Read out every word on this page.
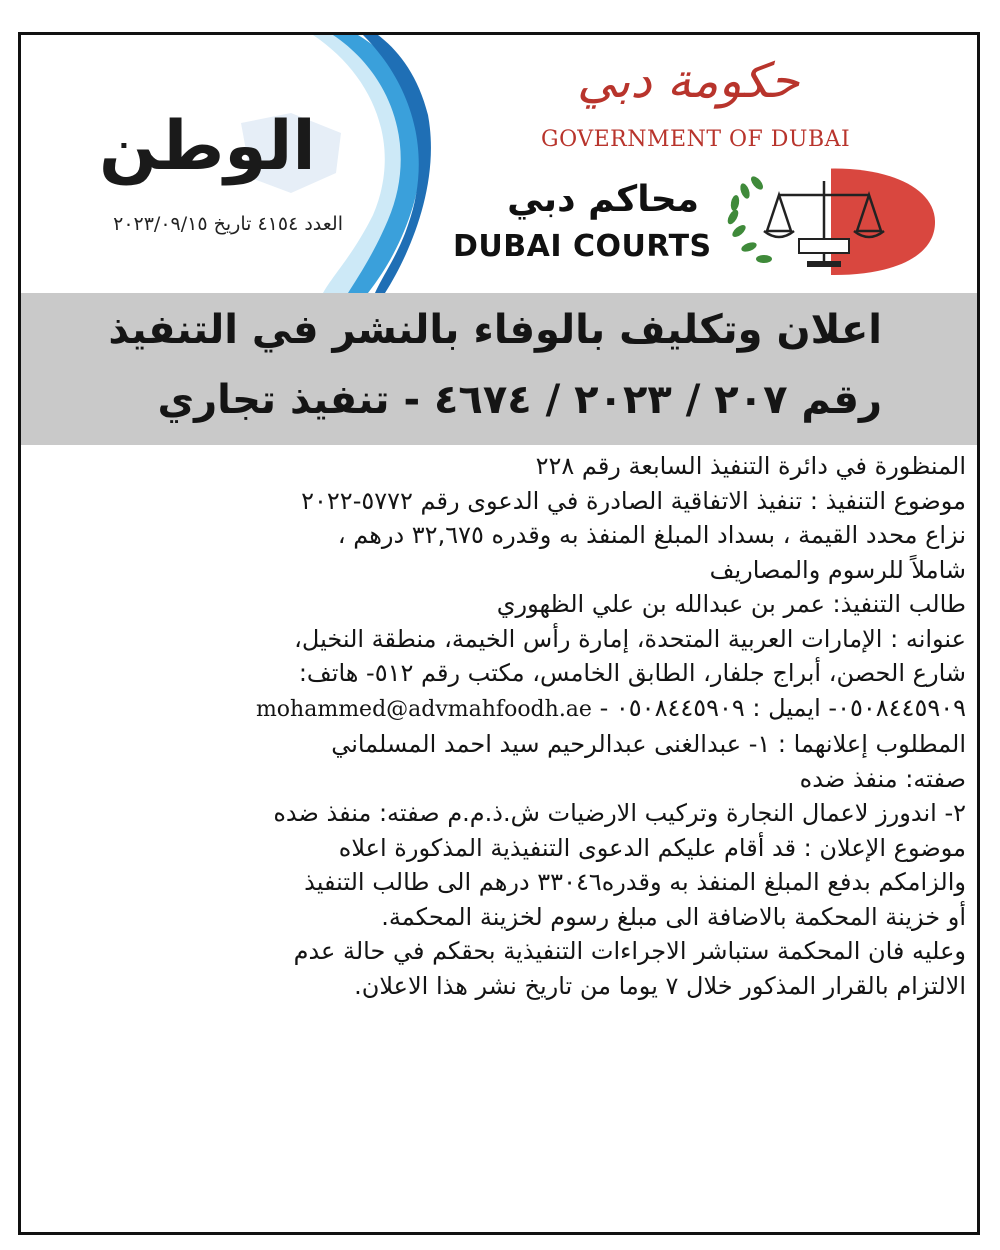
الوطن
العدد ٤١٥٤ تاريخ ٢٠٢٣/٠٩/١٥
حكومة دبي
GOVERNMENT OF DUBAI
محاكم دبي
DUBAI COURTS
اعلان وتكليف بالوفاء بالنشر في التنفيذ
رقم ٢٠٧ / ٢٠٢٣ / ٤٦٧٤ - تنفيذ تجاري

المنظورة في دائرة التنفيذ السابعة رقم ٢٢٨

موضوع التنفيذ : تنفيذ الاتفاقية الصادرة في الدعوى رقم ٥٧٧٢-٢٠٢٢

نزاع محدد القيمة ، بسداد المبلغ المنفذ به وقدره ٣٢,٦٧٥ درهم ،

شاملاً للرسوم والمصاريف

طالب التنفيذ: عمر بن عبدالله بن علي الظهوري

عنوانه : الإمارات العربية المتحدة، إمارة رأس الخيمة، منطقة النخيل،

شارع الحصن، أبراج جلفار، الطابق الخامس، مكتب رقم ٥١٢- هاتف:

٠٥٠٨٤٤٥٩٠٩- ايميل : ٠٥٠٨٤٤٥٩٠٩ - mohammed@advmahfoodh.ae

المطلوب إعلانهما : ١- عبدالغنى عبدالرحيم سيد احمد المسلماني

صفته: منفذ ضده

٢- اندورز لاعمال النجارة وتركيب الارضيات ش.ذ.م.م صفته: منفذ ضده

موضوع الإعلان : قد أقام عليكم الدعوى التنفيذية المذكورة اعلاه

والزامكم بدفع المبلغ المنفذ به وقدره٣٣٠٤٦ درهم الى طالب التنفيذ

أو خزينة المحكمة بالاضافة الى مبلغ رسوم لخزينة المحكمة.

وعليه فان المحكمة ستباشر الاجراءات التنفيذية بحقكم في حالة عدم

الالتزام بالقرار المذكور خلال ٧ يوما من تاريخ نشر هذا الاعلان.
